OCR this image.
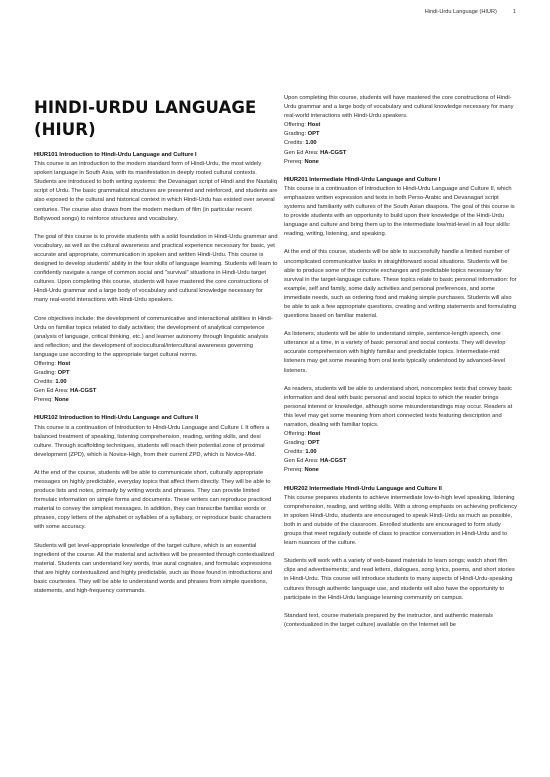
Hindi-Urdu Language (HIUR)	1
HINDI-URDU LANGUAGE
(HIUR)

HIUR101 Introduction to Hindi-Urdu Language and Culture I

This course is an introduction to the modern standard form of Hindi-Urdu, the most widely spoken language in South Asia, with its manifestation in deeply rooted cultural contexts. Students are introduced to both writing systems: the Devanagari script of Hindi and the Nastaliq script of Urdu. The basic grammatical structures are presented and reinforced, and students are also exposed to the cultural and historical context in which Hindi-Urdu has existed over several centuries. The course also draws from the modern medium of film (in particular recent Bollywood songs) to reinforce structures and vocabulary.

The goal of this course is to provide students with a solid foundation in Hindi-Urdu grammar and vocabulary, as well as the cultural awareness and practical experience necessary for basic, yet accurate and appropriate, communication in spoken and written Hindi-Urdu. This course is designed to develop students' ability in the four skills of language learning. Students will learn to confidently navigate a range of common social and "survival" situations in Hindi-Urdu target cultures. Upon completing this course, students will have mastered the core constructions of Hindi-Urdu grammar and a large body of vocabulary and cultural knowledge necessary for many real-world interactions with Hindi-Urdu speakers.

Core objectives include: the development of communicative and interactional abilities in Hindi-Urdu on familiar topics related to daily activities; the development of analytical competence (analysis of language, critical thinking, etc.) and learner autonomy through linguistic analysis and reflection; and the development of sociocultural/intercultural awareness governing language use according to the appropriate target cultural norms.

Offering: Host
Grading: OPT
Credits: 1.00
Gen Ed Area: HA-CGST
Prereq: None

HIUR102 Introduction to Hindi-Urdu Language and Culture II

This course is a continuation of Introduction to Hindi-Urdu Language and Culture I. It offers a balanced treatment of speaking, listening comprehension, reading, writing skills, and desi culture. Through scaffolding techniques, students will reach their potential zone of proximal development (ZPD), which is Novice-High, from their current ZPD, which is Novice-Mid.

At the end of the course, students will be able to communicate short, culturally appropriate messages on highly predictable, everyday topics that affect them directly. They will be able to produce lists and notes, primarily by writing words and phrases. They can provide limited formulaic information on simple forms and documents. These writers can reproduce practiced material to convey the simplest messages. In addition, they can transcribe familiar words or phrases, copy letters of the alphabet or syllables of a syllabary, or reproduce basic characters with some accuracy.

Students will get level-appropriate knowledge of the target culture, which is an essential ingredient of the course. All the material and activities will be presented through contextualized material. Students can understand key words, true aural cognates, and formulaic expressions that are highly contextualized and highly predictable, such as those found in introductions and basic courtesies. They will be able to understand words and phrases from simple questions, statements, and high-frequency commands.

Upon completing this course, students will have mastered the core constructions of Hindi-Urdu grammar and a large body of vocabulary and cultural knowledge necessary for many real-world interactions with Hindi-Urdu speakers.

Offering: Host
Grading: OPT
Credits: 1.00
Gen Ed Area: HA-CGST
Prereq: None

HIUR201 Intermediate Hindi-Urdu Language and Culture I

This course is a continuation of Introduction to Hindi-Urdu Language and Culture II, which emphasizes written expression and texts in both Perso-Arabic and Devanagari script systems and familiarity with cultures of the South Asian diaspora. The goal of this course is to provide students with an opportunity to build upon their knowledge of the Hindi-Urdu language and culture and bring them up to the intermediate low/mid-level in all four skills: reading, writing, listening, and speaking.

At the end of this course, students will be able to successfully handle a limited number of uncomplicated communicative tasks in straightforward social situations. Students will be able to produce some of the concrete exchanges and predictable topics necessary for survival in the target-language culture. These topics relate to basic personal information: for example, self and family, some daily activities and personal preferences, and some immediate needs, such as ordering food and making simple purchases. Students will also be able to ask a few appropriate questions, creating and writing statements and formulating questions based on familiar material.

As listeners, students will be able to understand simple, sentence-length speech, one utterance at a time, in a variety of basic personal and social contexts. They will develop accurate comprehension with highly familiar and predictable topics. Intermediate-mid listeners may get some meaning from oral texts typically understood by advanced-level listeners.

As readers, students will be able to understand short, noncomplex texts that convey basic information and deal with basic personal and social topics to which the reader brings personal interest or knowledge, although some misunderstandings may occur. Readers at this level may get some meaning from short connected texts featuring description and narration, dealing with familiar topics.

Offering: Host
Grading: OPT
Credits: 1.00
Gen Ed Area: HA-CGST
Prereq: None

HIUR202 Intermediate Hindi-Urdu Language and Culture II

This course prepares students to achieve intermediate low-to-high level speaking, listening comprehension, reading, and writing skills. With a strong emphasis on achieving proficiency in spoken Hindi-Urdu, students are encouraged to speak Hindi-Urdu as much as possible, both in and outside of the classroom. Enrolled students are encouraged to form study groups that meet regularly outside of class to practice conversation in Hindi-Urdu and to learn nuances of the culture.

Students will work with a variety of web-based materials to learn songs; watch short film clips and advertisements; and read letters, dialogues, song lyrics, poems, and short stories in Hindi-Urdu. This course will introduce students to many aspects of Hindi-Urdu-speaking cultures through authentic language use, and students will also have the opportunity to participate in the Hindi-Urdu language learning community on campus.

Standard text, course materials prepared by the instructor, and authentic materials (contextualized in the target culture) available on the Internet will be
